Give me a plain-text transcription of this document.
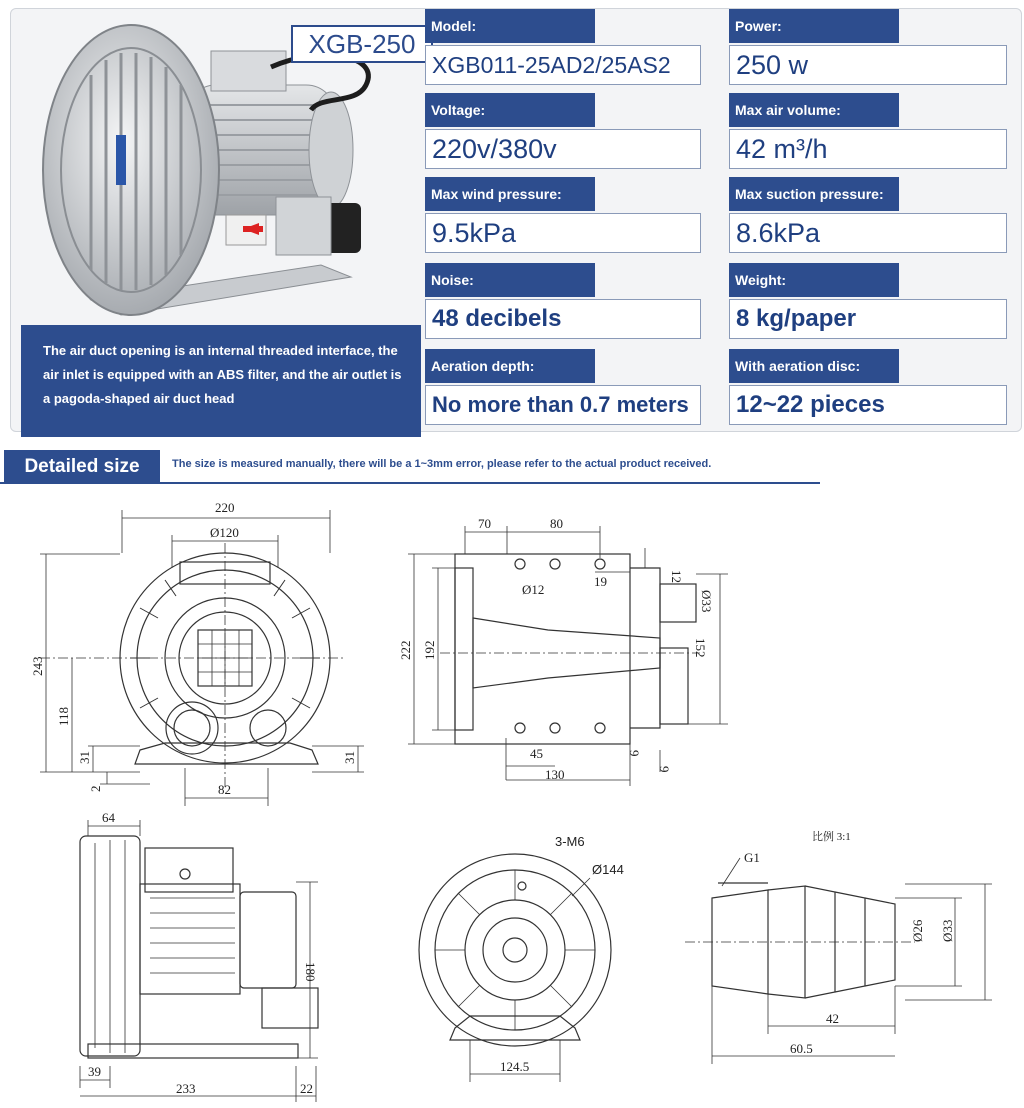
XGB-250
The air duct opening is an internal threaded interface, the air inlet is equipped with an ABS filter, and the air outlet is a pagoda-shaped air duct head
Model:
XGB011-25AD2/25AS2
Power:
250 w
Voltage:
220v/380v
Max air volume:
42 m³/h
Max wind pressure:
9.5kPa
Max suction pressure:
8.6kPa
Noise:
48 decibels
Weight:
8 kg/paper
Aeration depth:
No more than 0.7 meters
With aeration disc:
12~22 pieces
Detailed size	The size is measured manually, there will be a 1~3mm error, please refer to the actual product received.
220
Ø120
243
118
31	31
2	82
70	80
Ø12
19	12
Ø33
222 192	152
45	9
9
130
64
180
39
233	22
3-M6
Ø144
124.5
比例 3:1
G1
Ø26 Ø33
42
60.5
